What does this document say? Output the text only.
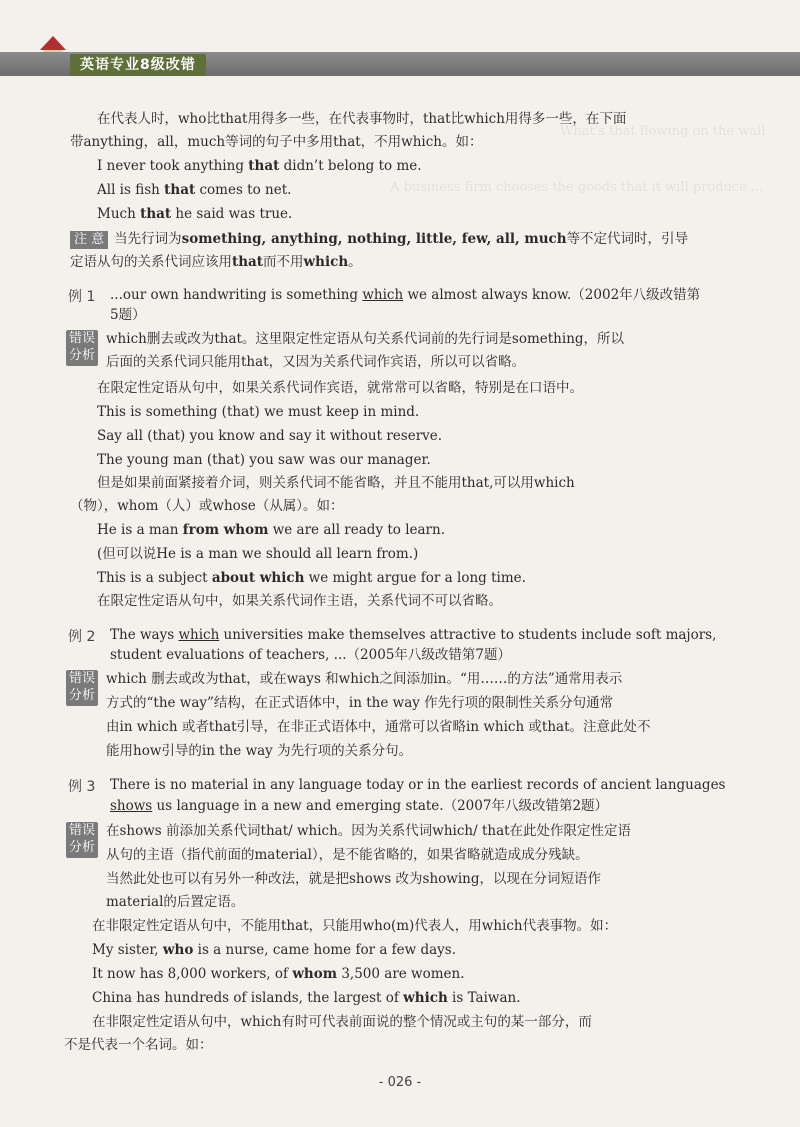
英语专业8级改错
What's that flowing on the wall
A business firm chooses the goods that it will produce ...
在代表人时，who比that用得多一些，在代表事物时，that比which用得多一些，在下面
带anything，all，much等词的句子中多用that，不用which。如：
I never took anything that didn’t belong to me.
All is fish that comes to net.
Much that he said was true.
注 意 当先行词为something, anything, nothing, little, few, all, much等不定代词时，引导
定语从句的关系代词应该用that而不用which。
例 1 ...our own handwriting is something which we almost always know.（2002年八级改错第
5题）
错误
分析
which删去或改为that。这里限定性定语从句关系代词前的先行词是something，所以
后面的关系代词只能用that，又因为关系代词作宾语，所以可以省略。
在限定性定语从句中，如果关系代词作宾语，就常常可以省略，特别是在口语中。
This is something (that) we must keep in mind.
Say all (that) you know and say it without reserve.
The young man (that) you saw was our manager.
但是如果前面紧接着介词，则关系代词不能省略，并且不能用that,可以用which
（物），whom（人）或whose（从属）。如：
He is a man from whom we are all ready to learn.
(但可以说He is a man we should all learn from.)
This is a subject about which we might argue for a long time.
在限定性定语从句中，如果关系代词作主语，关系代词不可以省略。
例 2 The ways which universities make themselves attractive to students include soft majors,
student evaluations of teachers, ...（2005年八级改错第7题）
错误
分析
which 删去或改为that，或在ways 和which之间添加in。“用……的方法”通常用表示
方式的“the way”结构，在正式语体中，in the way 作先行项的限制性关系分句通常
由in which 或者that引导，在非正式语体中，通常可以省略in which 或that。注意此处不
能用how引导的in the way 为先行项的关系分句。
例 3 There is no material in any language today or in the earliest records of ancient languages
shows us language in a new and emerging state.（2007年八级改错第2题）
错误
分析
在shows 前添加关系代词that/ which。因为关系代词which/ that在此处作限定性定语
从句的主语（指代前面的material），是不能省略的，如果省略就造成成分残缺。
当然此处也可以有另外一种改法，就是把shows 改为showing，以现在分词短语作
material的后置定语。
在非限定性定语从句中，不能用that，只能用who(m)代表人，用which代表事物。如：
My sister, who is a nurse, came home for a few days.
It now has 8,000 workers, of whom 3,500 are women.
China has hundreds of islands, the largest of which is Taiwan.
在非限定性定语从句中，which有时可代表前面说的整个情况或主句的某一部分，而
不是代表一个名词。如：
- 026 -
